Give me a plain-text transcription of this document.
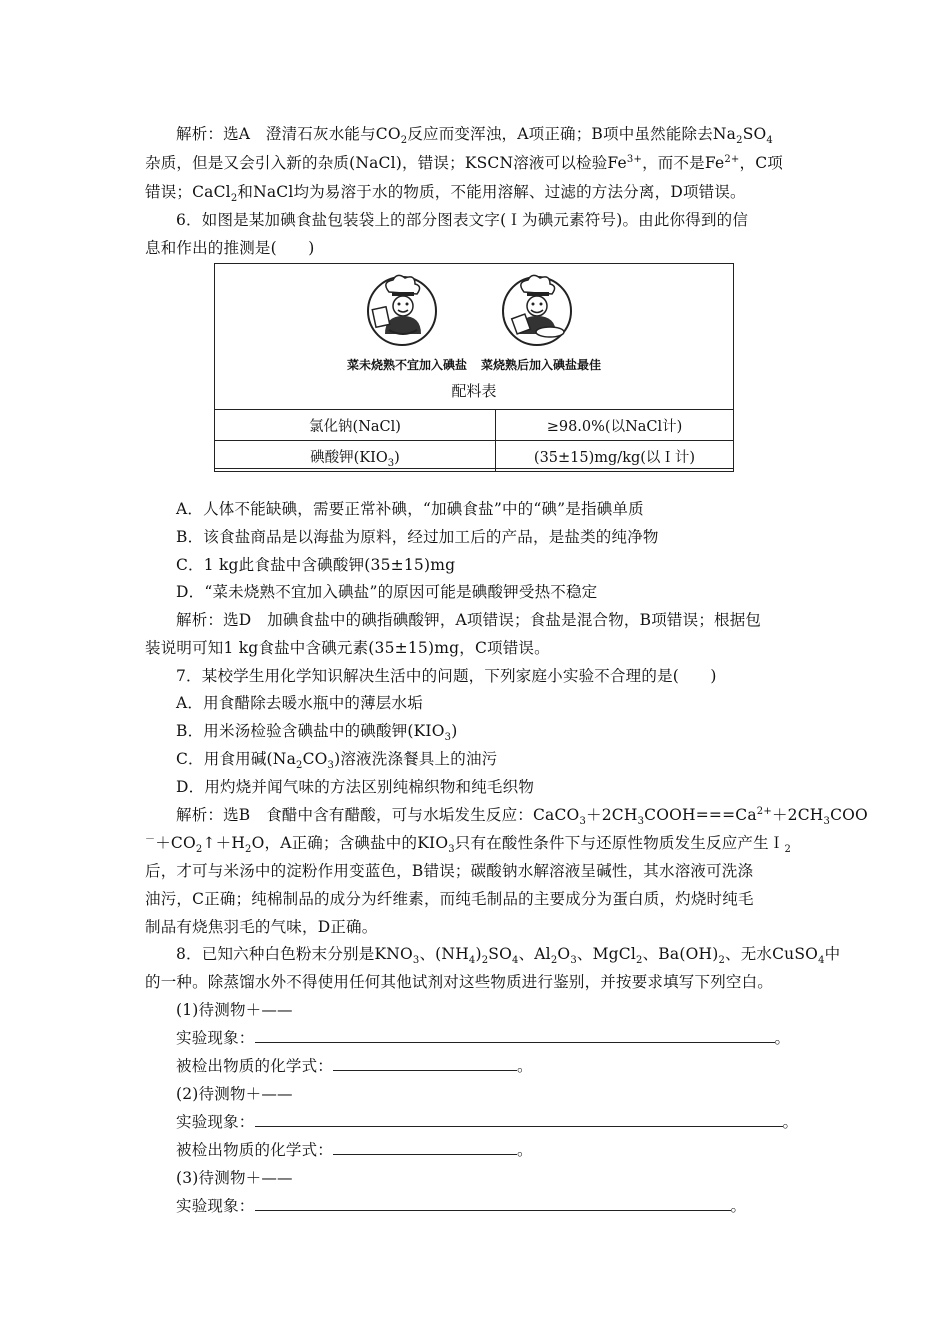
解析：选A　澄清石灰水能与$CO_2$反应而变浑浊，A项正确；B项中虽然能除去$Na_2SO_4$
杂质，但是又会引入新的杂质(NaCl)，错误；KSCN溶液可以检验$Fe^{3+}$，而不是$Fe^{2+}$，C项
错误；CaCl$_2$和NaCl均为易溶于水的物质，不能用溶解、过滤的方法分离，D项错误。
6．如图是某加碘食盐包装袋上的部分图表文字(Ｉ为碘元素符号)。由此你得到的信
息和作出的推测是(　　)
菜未烧熟不宜加入碘盐 菜烧熟后加入碘盐最佳
配料表
氯化钠(NaCl)	≥98.0%(以NaCl计)
碘酸钾$(KIO_3)$	(35±15)mg/kg(以Ｉ计)
A．人体不能缺碘，需要正常补碘，“加碘食盐”中的“碘”是指碘单质
B．该食盐商品是以海盐为原料，经过加工后的产品，是盐类的纯净物
C．1 kg此食盐中含碘酸钾(35±15)mg
D．“菜未烧熟不宜加入碘盐”的原因可能是碘酸钾受热不稳定
解析：选D　加碘食盐中的碘指碘酸钾，A项错误；食盐是混合物，B项错误；根据包
装说明可知1 kg食盐中含碘元素(35±15)mg，C项错误。
7．某校学生用化学知识解决生活中的问题，下列家庭小实验不合理的是(　　)
A．用食醋除去暖水瓶中的薄层水垢
B．用米汤检验含碘盐中的碘酸钾$(KIO_3)$
C．用食用碱$(Na_2CO_3)$溶液洗涤餐具上的油污
D．用灼烧并闻气味的方法区别纯棉织物和纯毛织物
解析：选B　食醋中含有醋酸，可与水垢发生反应：$CaCO_3+2CH_3COOH===Ca^{2+}+2CH_3COO$
$^-+CO_2↑+H_2O$，A正确；含碘盐中的$KIO_3$只有在酸性条件下与还原性物质发生反应产生Ｉ$_2$
后，才可与米汤中的淀粉作用变蓝色，B错误；碳酸钠水解溶液呈碱性，其水溶液可洗涤
油污，C正确；纯棉制品的成分为纤维素，而纯毛制品的主要成分为蛋白质，灼烧时纯毛
制品有烧焦羽毛的气味，D正确。
8．已知六种白色粉末分别是$KNO_3$、$(NH_4)_2SO_4$、$Al_2O_3$、MgCl$_2$、$Ba(OH)_2$、无水CuSO$_4$中
的一种。除蒸馏水外不得使用任何其他试剂对这些物质进行鉴别，并按要求填写下列空白。
(1)待测物＋——
实验现象：	。
被检出物质的化学式：	。
(2)待测物＋——
实验现象：	。
被检出物质的化学式：	。
(3)待测物＋——
实验现象：	。
